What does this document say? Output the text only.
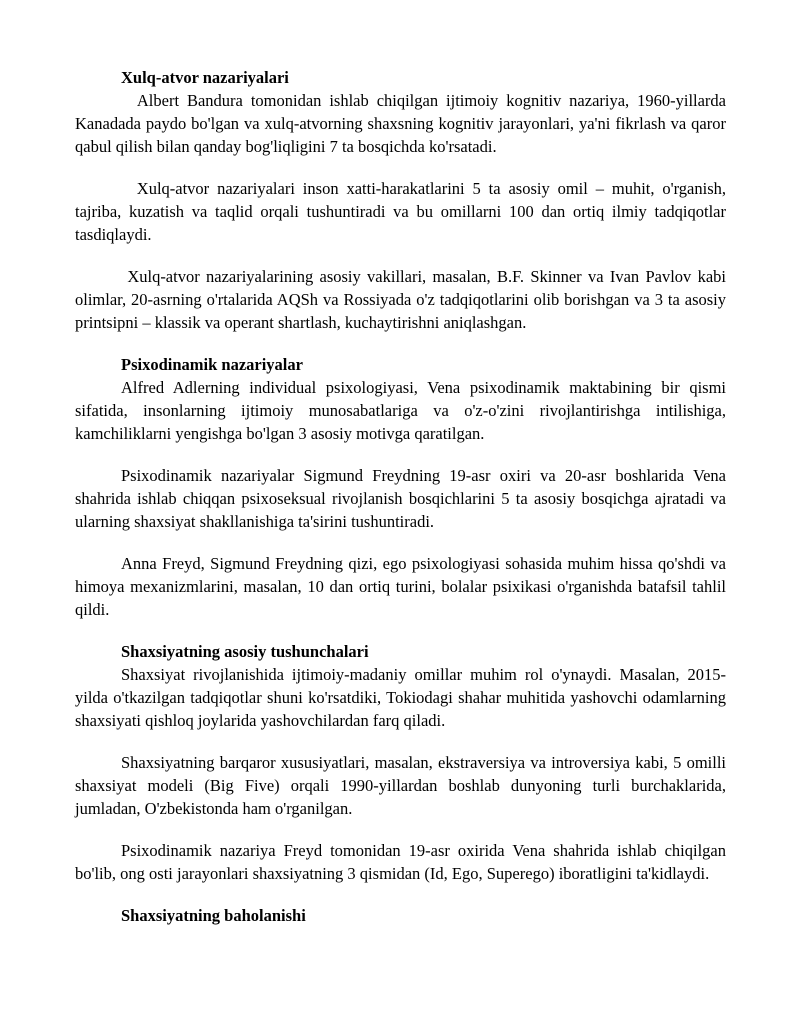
Xulq-atvor nazariyalari

Albert Bandura tomonidan ishlab chiqilgan ijtimoiy kognitiv nazariya, 1960-yillarda Kanadada paydo bo'lgan va xulq-atvorning shaxsning kognitiv jarayonlari, ya'ni fikrlash va qaror qabul qilish bilan qanday bog'liqligini 7 ta bosqichda ko'rsatadi.

Xulq-atvor nazariyalari inson xatti-harakatlarini 5 ta asosiy omil – muhit, o'rganish, tajriba, kuzatish va taqlid orqali tushuntiradi va bu omillarni 100 dan ortiq ilmiy tadqiqotlar tasdiqlaydi.

Xulq-atvor nazariyalarining asosiy vakillari, masalan, B.F. Skinner va Ivan Pavlov kabi olimlar, 20-asrning o'rtalarida AQSh va Rossiyada o'z tadqiqotlarini olib borishgan va 3 ta asosiy printsipni – klassik va operant shartlash, kuchaytirishni aniqlashgan.

Psixodinamik nazariyalar

Alfred Adlerning individual psixologiyasi, Vena psixodinamik maktabining bir qismi sifatida, insonlarning ijtimoiy munosabatlariga va o'z-o'zini rivojlantirishga intilishiga, kamchiliklarni yengishga bo'lgan 3 asosiy motivga qaratilgan.

Psixodinamik nazariyalar Sigmund Freydning 19-asr oxiri va 20-asr boshlarida Vena shahrida ishlab chiqqan psixoseksual rivojlanish bosqichlarini 5 ta asosiy bosqichga ajratadi va ularning shaxsiyat shakllanishiga ta'sirini tushuntiradi.

Anna Freyd, Sigmund Freydning qizi, ego psixologiyasi sohasida muhim hissa qo'shdi va himoya mexanizmlarini, masalan, 10 dan ortiq turini, bolalar psixikasi o'rganishda batafsil tahlil qildi.

Shaxsiyatning asosiy tushunchalari

Shaxsiyat rivojlanishida ijtimoiy-madaniy omillar muhim rol o'ynaydi. Masalan, 2015-yilda o'tkazilgan tadqiqotlar shuni ko'rsatdiki, Tokiodagi shahar muhitida yashovchi odamlarning shaxsiyati qishloq joylarida yashovchilardan farq qiladi.

Shaxsiyatning barqaror xususiyatlari, masalan, ekstraversiya va introversiya kabi, 5 omilli shaxsiyat modeli (Big Five) orqali 1990-yillardan boshlab dunyoning turli burchaklarida, jumladan, O'zbekistonda ham o'rganilgan.

Psixodinamik nazariya Freyd tomonidan 19-asr oxirida Vena shahrida ishlab chiqilgan bo'lib, ong osti jarayonlari shaxsiyatning 3 qismidan (Id, Ego, Superego) iboratligini ta'kidlaydi.

Shaxsiyatning baholanishi
